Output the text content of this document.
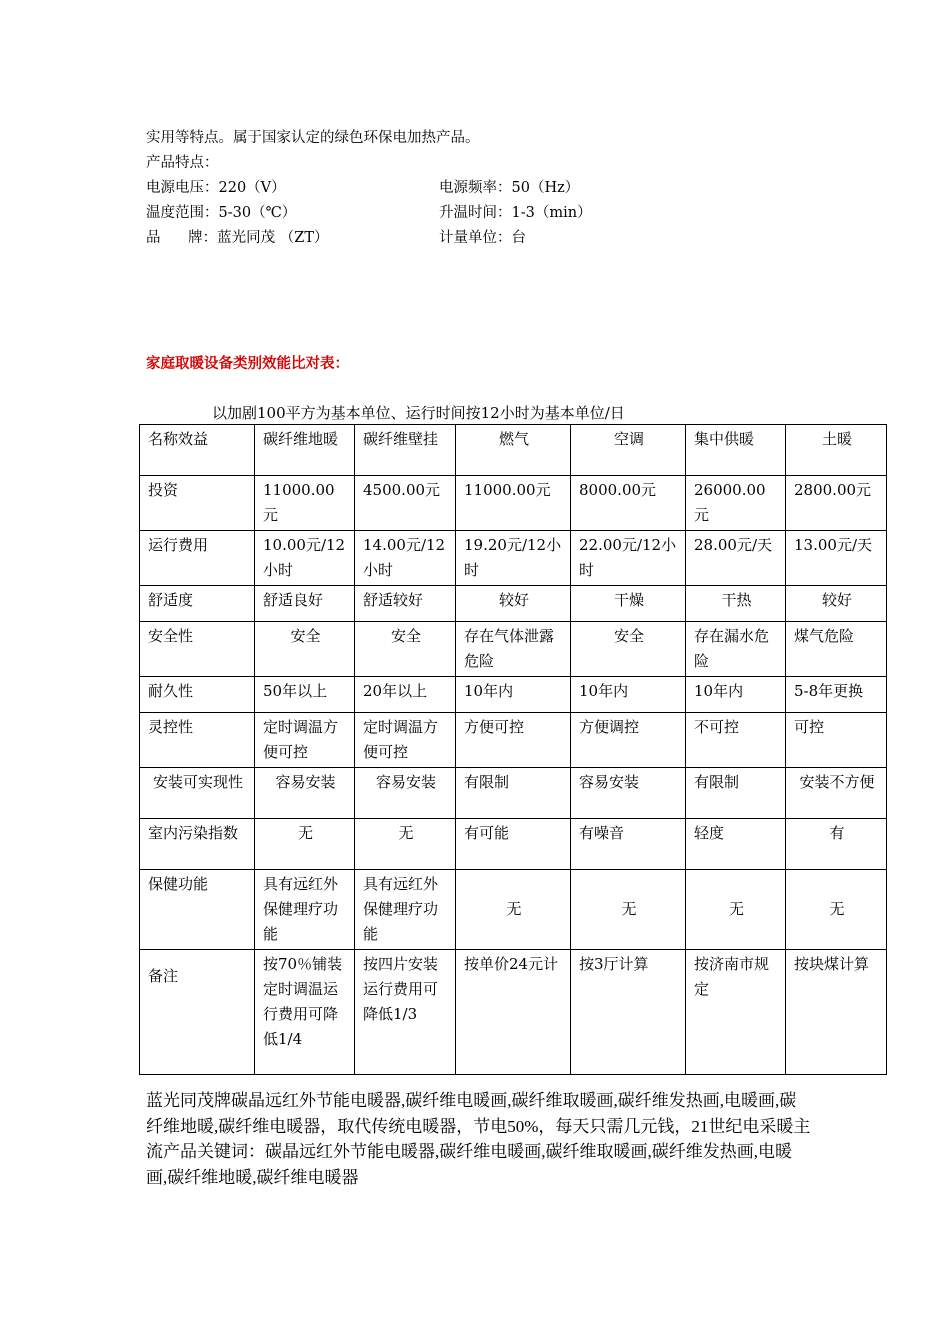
实用等特点。属于国家认定的绿色环保电加热产品。
产品特点：
电源电压：220（V）	电源频率：50（Hz）
温度范围：5-30（℃）	升温时间：1-3（min）
品      牌：蓝光同茂 （ZT）	计量单位：台
家庭取暖设备类别效能比对表：
以加剧100平方为基本单位、运行时间按12小时为基本单位/日
名称效益	碳纤维地暖	碳纤维壁挂	燃气	空调	集中供暖	土暖
投资	11000.00元	4500.00元	11000.00元	8000.00元	26000.00元	2800.00元
运行费用	10.00元/12小时	14.00元/12小时	19.20元/12小时	22.00元/12小时	28.00元/天	13.00元/天
舒适度	舒适良好	舒适较好	较好	干燥	干热	较好
安全性	安全	安全	存在气体泄露危险	安全	存在漏水危险	煤气危险
耐久性	50年以上	20年以上	10年内	10年内	10年内	5-8年更换
灵控性	定时调温方便可控	定时调温方便可控	方便可控	方便调控	不可控	可控
安装可实现性	容易安装	容易安装	有限制	容易安装	有限制	安装不方便
室内污染指数	无	无	有可能	有噪音	轻度	有
保健功能	具有远红外保健理疗功能	具有远红外保健理疗功能	无	无	无	无
备注	按70％铺装定时调温运行费用可降低1/4	按四片安装运行费用可降低1/3	按单价24元计	按3厅计算	按济南市规定	按块煤计算
蓝光同茂牌碳晶远红外节能电暖器,碳纤维电暖画,碳纤维取暖画,碳纤维发热画,电暖画,碳纤维地暖,碳纤维电暖器，取代传统电暖器，节电50%，每天只需几元钱，21世纪电采暖主流产品关键词：碳晶远红外节能电暖器,碳纤维电暖画,碳纤维取暖画,碳纤维发热画,电暖画,碳纤维地暖,碳纤维电暖器
